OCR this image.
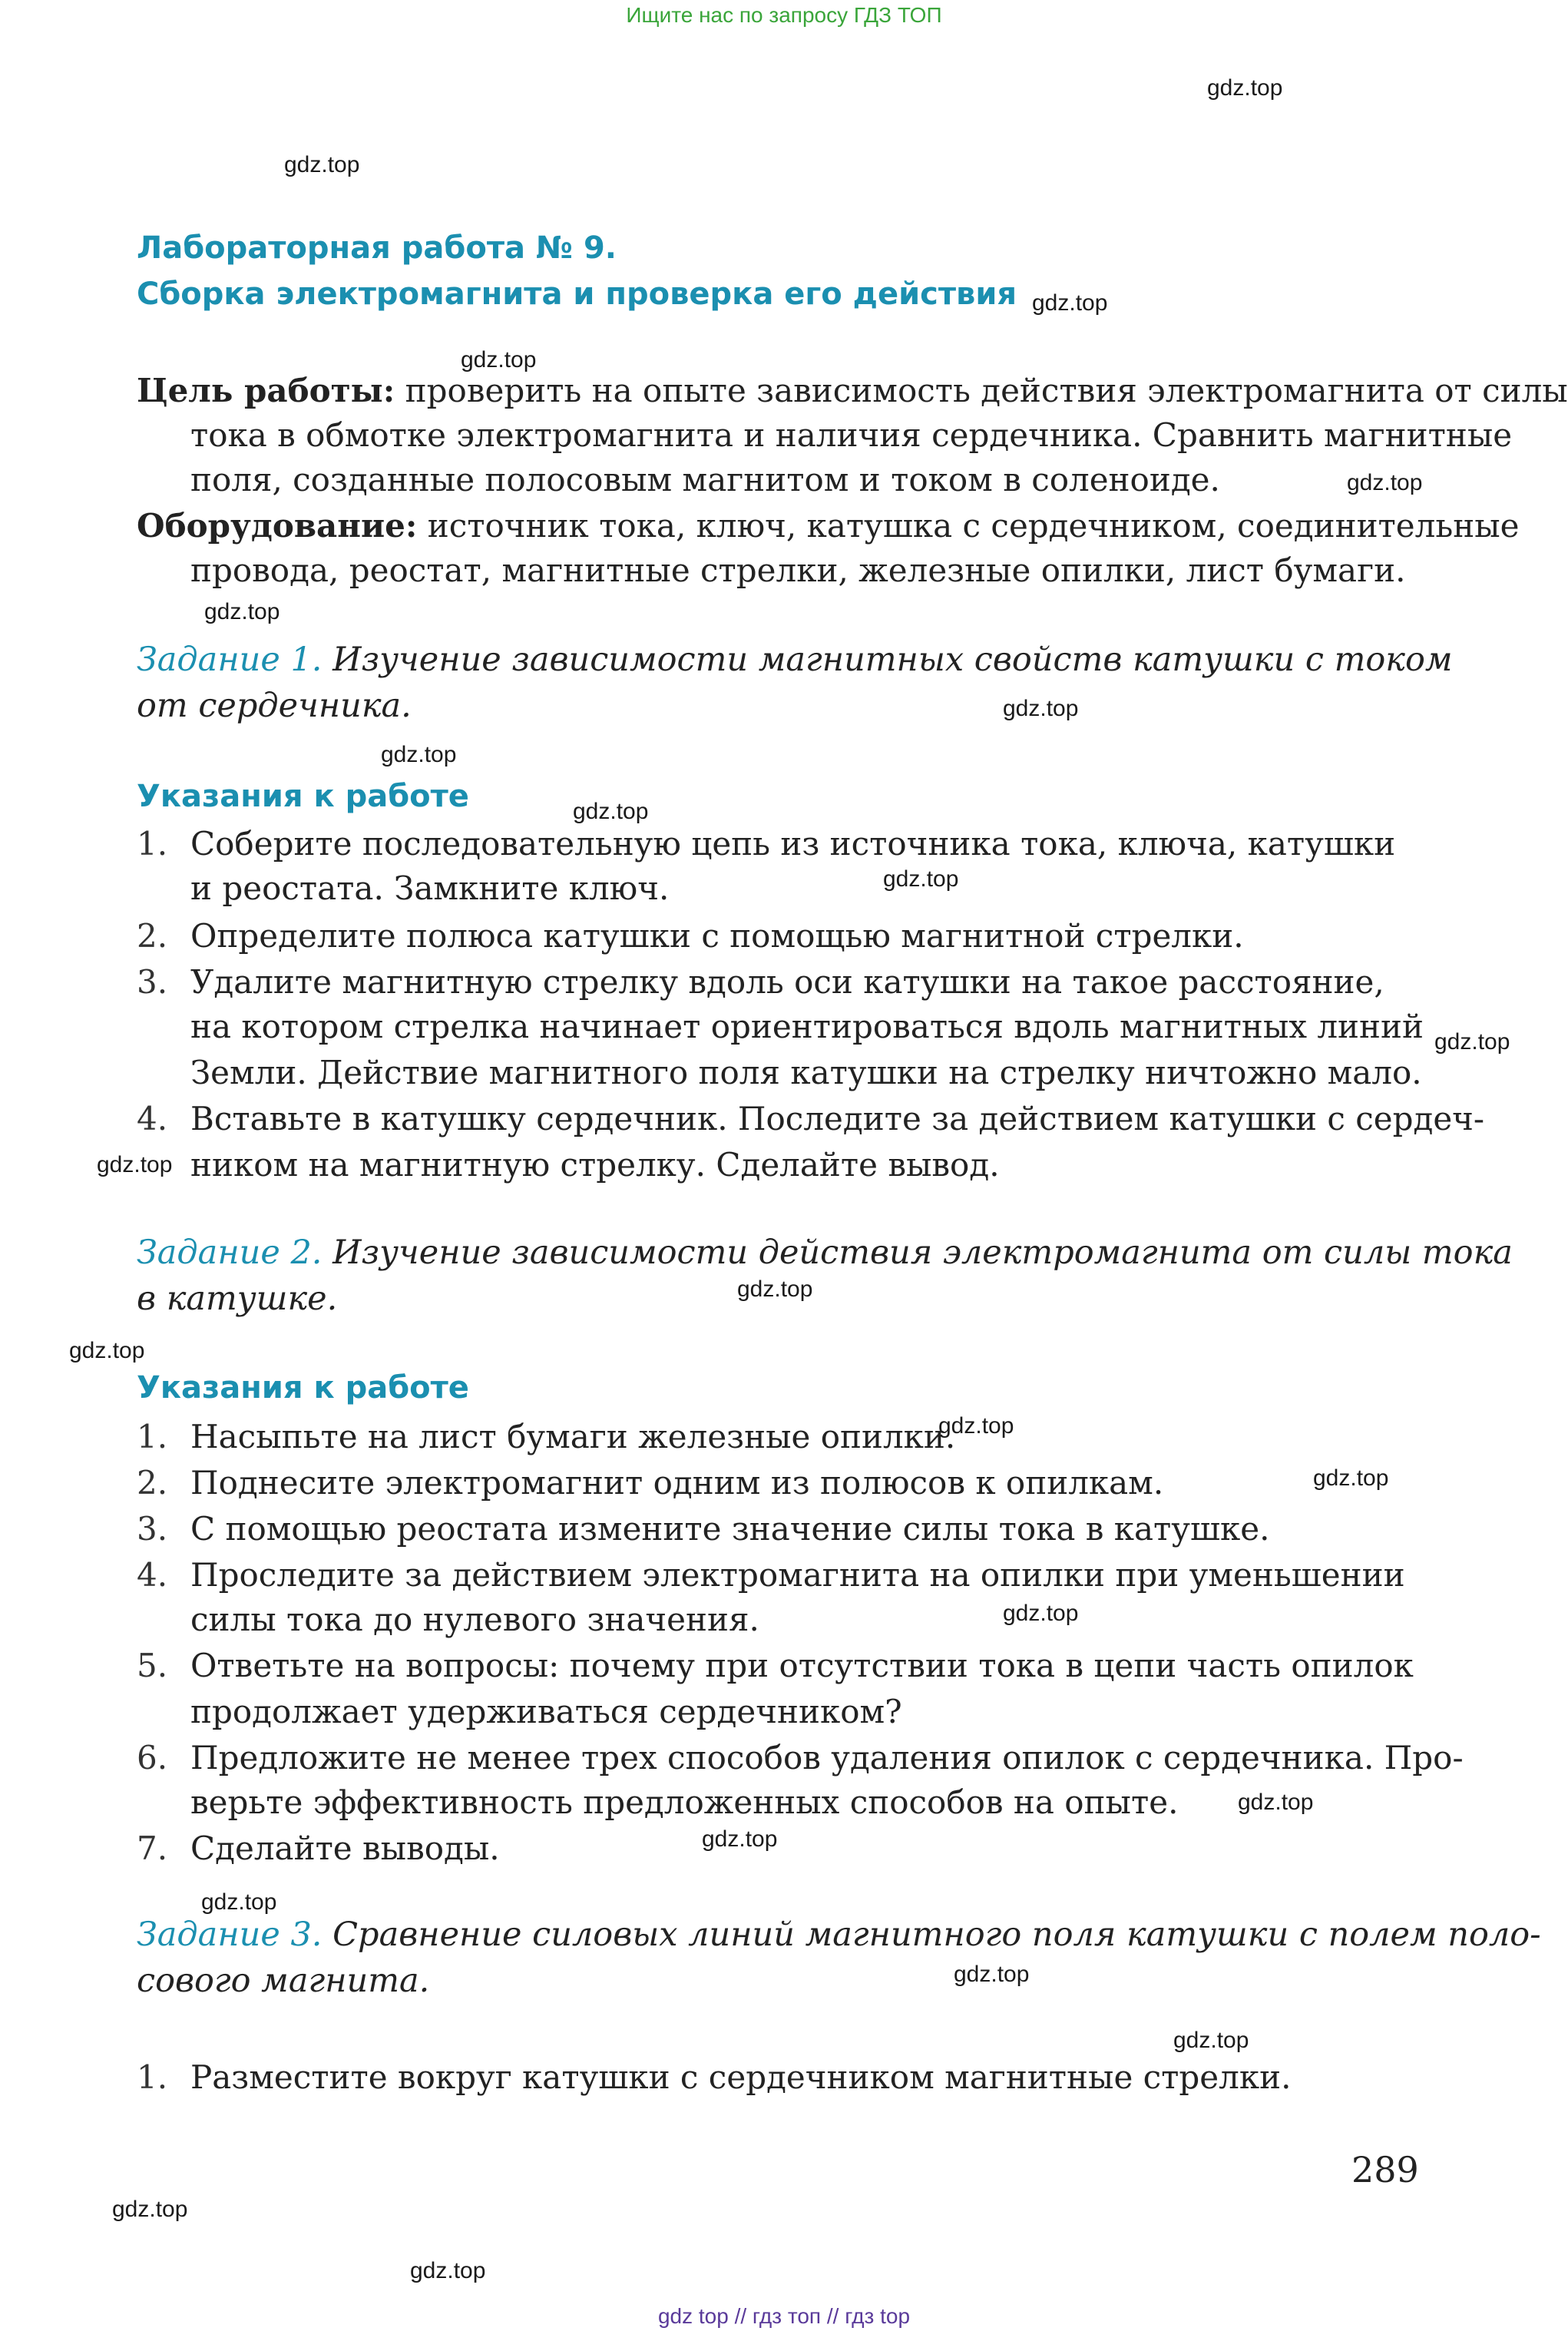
Ищите нас по запросу ГДЗ ТОП
gdz.top
gdz.top
gdz.top
gdz.top
gdz.top
gdz.top
gdz.top
gdz.top
gdz.top
gdz.top
gdz.top
gdz.top
gdz.top
gdz.top
gdz.top
gdz.top
gdz.top
gdz.top
gdz.top
gdz.top
gdz.top
gdz.top
gdz.top
gdz.top
Лабораторная работа № 9.
Сборка электромагнита и проверка его действия
Цель работы: проверить на опыте зависимость действия электромагнита от силы
тока в обмотке электромагнита и наличия сердечника. Сравнить магнитные
поля, созданные полосовым магнитом и током в соленоиде.
Оборудование: источник тока, ключ, катушка с сердечником, соединительные
провода, реостат, магнитные стрелки, железные опилки, лист бумаги.
Задание 1. Изучение зависимости магнитных свойств катушки с током
от сердечника.
Указания к работе
1. Соберите последовательную цепь из источника тока, ключа, катушки
и реостата. Замкните ключ.
2. Определите полюса катушки с помощью магнитной стрелки.
3. Удалите магнитную стрелку вдоль оси катушки на такое расстояние,
на котором стрелка начинает ориентироваться вдоль магнитных линий
Земли. Действие магнитного поля катушки на стрелку ничтожно мало.
4. Вставьте в катушку сердечник. Последите за действием катушки с сердеч-
ником на магнитную стрелку. Сделайте вывод.
Задание 2. Изучение зависимости действия электромагнита от силы тока
в катушке.
Указания к работе
1. Насыпьте на лист бумаги железные опилки.
2. Поднесите электромагнит одним из полюсов к опилкам.
3. С помощью реостата измените значение силы тока в катушке.
4. Проследите за действием электромагнита на опилки при уменьшении
силы тока до нулевого значения.
5. Ответьте на вопросы: почему при отсутствии тока в цепи часть опилок
продолжает удерживаться сердечником?
6. Предложите не менее трех способов удаления опилок с сердечника. Про-
верьте эффективность предложенных способов на опыте.
7. Сделайте выводы.
Задание 3. Сравнение силовых линий магнитного поля катушки с полем поло-
сового магнита.
1. Разместите вокруг катушки с сердечником магнитные стрелки.
289
gdz top // гдз топ // гдз top
